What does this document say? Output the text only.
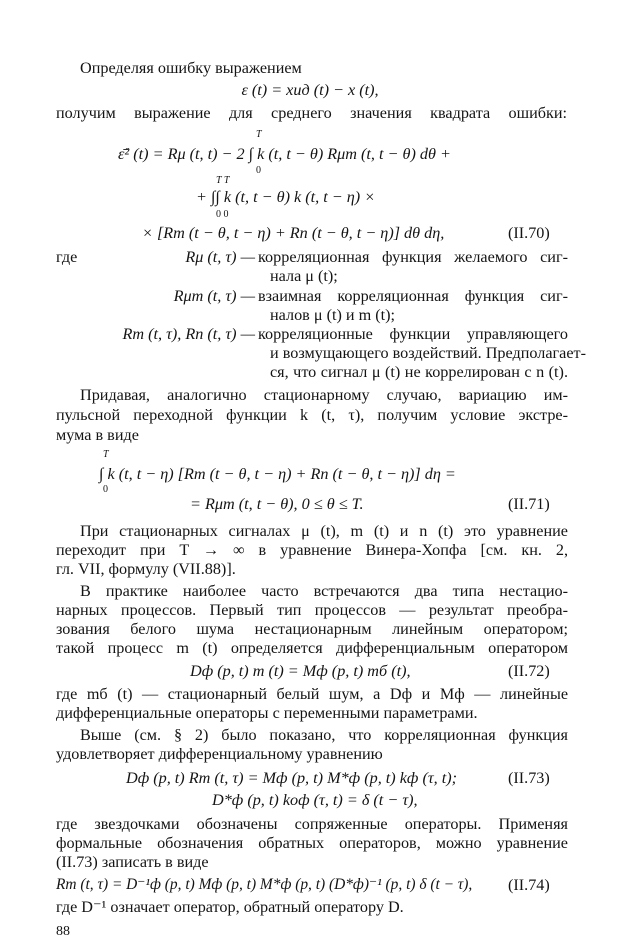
Определяя ошибку выражением
ε (t) = xид (t) − x (t),
получим выражение для среднего значения квадрата ошибки:
T
ε̄² (t) = Rμ (t, t) − 2 ∫ k (t, t − θ) Rμm (t, t − θ) dθ +
0
T T
+ ∫∫ k (t, t − θ) k (t, t − η) ×
0 0
× [Rm (t − θ, t − η) + Rn (t − θ, t − η)] dθ dη,	(II.70)
где	Rμ (t, τ) — корреляционная функция желаемого сиг-
нала μ (t);
Rμm (t, τ) — взаимная корреляционная функция сиг-
налов μ (t) и m (t);
Rm (t, τ), Rn (t, τ) — корреляционные функции управляющего
и возмущающего воздействий. Предполагает-
ся, что сигнал μ (t) не коррелирован с n (t).
Придавая, аналогично стационарному случаю, вариацию им-
пульсной переходной функции k (t, τ), получим условие экстре-
мума в виде
T
∫ k (t, t − η) [Rm (t − θ, t − η) + Rn (t − θ, t − η)] dη =
0
= Rμm (t, t − θ), 0 ≤ θ ≤ T.	(II.71)
При стационарных сигналах μ (t), m (t) и n (t) это уравнение
переходит при T → ∞ в уравнение Винера-Хопфа [см. кн. 2,
гл. VII, формулу (VII.88)].
В практике наиболее часто встречаются два типа нестацио-
нарных процессов. Первый тип процессов — результат преобра-
зования белого шума нестационарным линейным оператором;
такой процесс m (t) определяется дифференциальным оператором
Dф (p, t) m (t) = Mф (p, t) mб (t),	(II.72)
где mб (t) — стационарный белый шум, а Dф и Mф — линейные
дифференциальные операторы с переменными параметрами.
Выше (см. § 2) было показано, что корреляционная функция
удовлетворяет дифференциальному уравнению
Dф (p, t) Rm (t, τ) = Mф (p, t) M*ф (p, t) kф (τ, t);	(II.73)
D*ф (p, t) kоф (τ, t) = δ (t − τ),
где звездочками обозначены сопряженные операторы. Применяя
формальные обозначения обратных операторов, можно уравнение
(II.73) записать в виде
Rm (t, τ) = D⁻¹ф (p, t) Mф (p, t) M*ф (p, t) (D*ф)⁻¹ (p, t) δ (t − τ), (II.74)
где D⁻¹ означает оператор, обратный оператору D.
88
